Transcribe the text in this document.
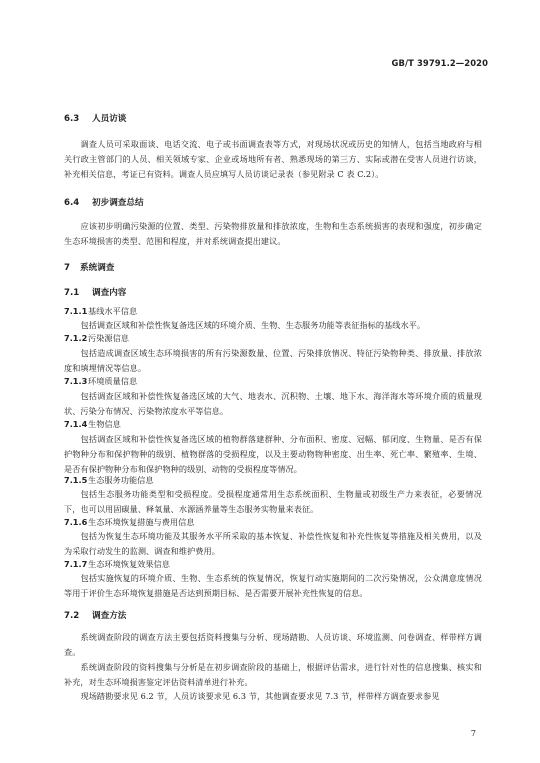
GB/T 39791.2—2020
6.3 人员访谈
调查人员可采取面谈、电话交流、电子或书面调查表等方式，对现场状况或历史的知情人，包括当地政府与相关行政主管部门的人员、相关领域专家、企业或场地所有者、熟悉现场的第三方、实际或潜在受害人员进行访谈，补充相关信息，考证已有资料。调查人员应填写人员访谈记录表（参见附录 C 表 C.2）。
6.4 初步调查总结
应该初步明确污染源的位置、类型、污染物排放量和排放浓度，生物和生态系统损害的表现和强度，初步确定生态环境损害的类型、范围和程度，并对系统调查提出建议。
7 系统调查
7.1 调查内容
7.1.1基线水平信息
包括调查区域和补偿性恢复备选区域的环境介质、生物、生态服务功能等表征指标的基线水平。
7.1.2污染源信息
包括造成调查区域生态环境损害的所有污染源数量、位置、污染排放情况、特征污染物种类、排放量、排放浓度和填埋情况等信息。
7.1.3环境质量信息
包括调查区域和补偿性恢复备选区域的大气、地表水、沉积物、土壤、地下水、海洋海水等环境介质的质量现状、污染分布情况、污染物浓度水平等信息。
7.1.4生物信息
包括调查区域和补偿性恢复备选区域的植物群落建群种、分布面积、密度、冠幅、郁闭度、生物量、是否有保护物种分布和保护物种的级别、植物群落的受损程度，以及主要动物物种密度、出生率、死亡率、繁殖率、生境、是否有保护物种分布和保护物种的级别、动物的受损程度等情况。
7.1.5生态服务功能信息
包括生态服务功能类型和受损程度。受损程度通常用生态系统面积、生物量或初级生产力来表征，必要情况下，也可以用固碳量、释氧量、水源涵养量等生态服务实物量来表征。
7.1.6生态环境恢复措施与费用信息
包括为恢复生态环境功能及其服务水平所采取的基本恢复、补偿性恢复和补充性恢复等措施及相关费用，以及为采取行动发生的监测、调查和维护费用。
7.1.7生态环境恢复效果信息
包括实施恢复的环境介质、生物、生态系统的恢复情况，恢复行动实施期间的二次污染情况，公众满意度情况等用于评价生态环境恢复措施是否达到预期目标、是否需要开展补充性恢复的信息。
7.2 调查方法
系统调查阶段的调查方法主要包括资料搜集与分析、现场踏勘、人员访谈、环境监测、问卷调查、样带样方调查。
系统调查阶段的资料搜集与分析是在初步调查阶段的基础上，根据评估需求，进行针对性的信息搜集、核实和补充，对生态环境损害鉴定评估资料清单进行补充。
现场踏勘要求见 6.2 节，人员访谈要求见 6.3 节，其他调查要求见 7.3 节，样带样方调查要求参见
7
